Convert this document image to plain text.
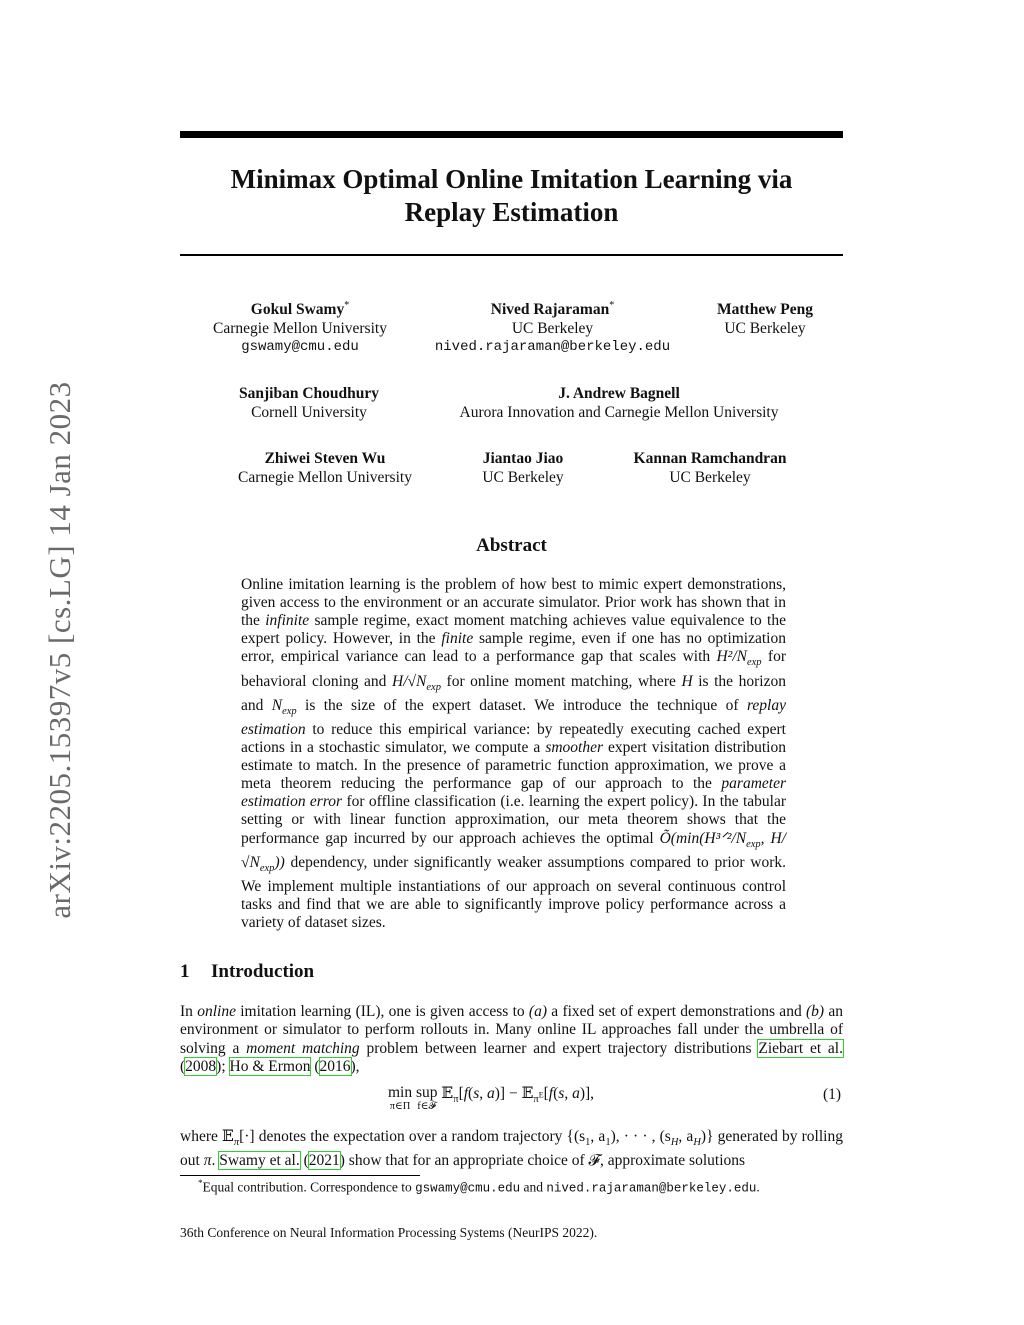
arXiv:2205.15397v5 [cs.LG] 14 Jan 2023
Minimax Optimal Online Imitation Learning via
Replay Estimation
Gokul Swamy*
Carnegie Mellon University
gswamy@cmu.edu
Nived Rajaraman*
UC Berkeley
nived.rajaraman@berkeley.edu
Matthew Peng
UC Berkeley
Sanjiban Choudhury
Cornell University
J. Andrew Bagnell
Aurora Innovation and Carnegie Mellon University
Zhiwei Steven Wu
Carnegie Mellon University
Jiantao Jiao
UC Berkeley
Kannan Ramchandran
UC Berkeley
Abstract
Online imitation learning is the problem of how best to mimic expert demonstrations, given access to the environment or an accurate simulator. Prior work has shown that in the infinite sample regime, exact moment matching achieves value equivalence to the expert policy. However, in the finite sample regime, even if one has no optimization error, empirical variance can lead to a performance gap that scales with $H^2/N_{exp}$ for behavioral cloning and $H/√N_{exp}$ for online moment matching, where H is the horizon and $N_{exp}$ is the size of the expert dataset. We introduce the technique of replay estimation to reduce this empirical variance: by repeatedly executing cached expert actions in a stochastic simulator, we compute a smoother expert visitation distribution estimate to match. In the presence of parametric function approximation, we prove a meta theorem reducing the performance gap of our approach to the parameter estimation error for offline classification (i.e. learning the expert policy). In the tabular setting or with linear function approximation, our meta theorem shows that the performance gap incurred by our approach achieves the optimal $Õ(\min(H^3ᐟ^2/N_{exp}$, $H/√N_{exp}$)) dependency, under significantly weaker assumptions compared to prior work. We implement multiple instantiations of our approach on several continuous control tasks and find that we are able to significantly improve policy performance across a variety of dataset sizes.
1 Introduction
In online imitation learning (IL), one is given access to (a) a fixed set of expert demonstrations and (b) an environment or simulator to perform rollouts in. Many online IL approaches fall under the umbrella of solving a moment matching problem between learner and expert trajectory distributions Ziebart et al. (2008); Ho & Ermon (2016),
min
π∈Π

sup
f∈𝓕
𝔼$_\pi$[f(s, a)] − 𝔼$_{\pi^E}$[f(s, a)],	(1)
where 𝔼$_\pi$[·] denotes the expectation over a random trajectory {($s_1$, $a_1$), · · · , ($s_H$, $a_H$)} generated by rolling out π. Swamy et al. (2021) show that for an appropriate choice of 𝓕, approximate solutions
*Equal contribution. Correspondence to gswamy@cmu.edu and nived.rajaraman@berkeley.edu.
36th Conference on Neural Information Processing Systems (NeurIPS 2022).
